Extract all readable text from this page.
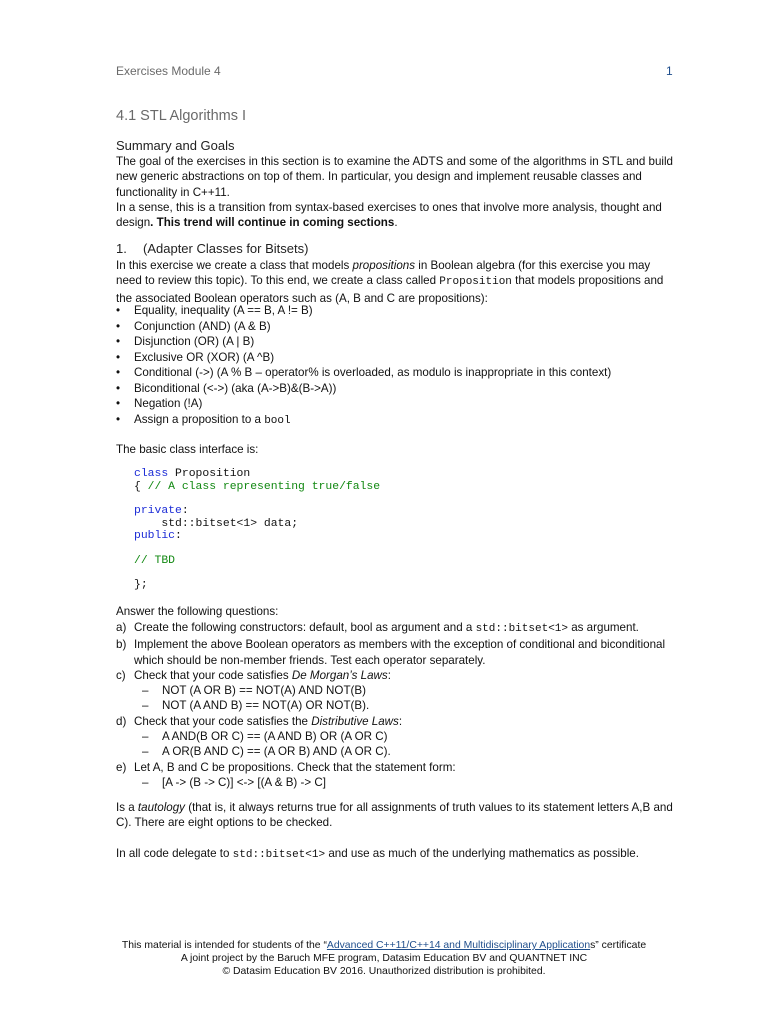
Exercises Module 4	1
4.1 STL Algorithms I
Summary and Goals
The goal of the exercises in this section is to examine the ADTS and some of the algorithms in STL and build new generic abstractions on top of them. In particular, you design and implement reusable classes and functionality in C++11.
In a sense, this is a transition from syntax-based exercises to ones that involve more analysis, thought and design. This trend will continue in coming sections.
1. (Adapter Classes for Bitsets)
In this exercise we create a class that models propositions in Boolean algebra (for this exercise you may need to review this topic). To this end, we create a class called Proposition that models propositions and the associated Boolean operators such as (A, B and C are propositions):
• Equality, inequality (A == B, A != B)
• Conjunction (AND) (A & B)
• Disjunction (OR) (A | B)
• Exclusive OR (XOR) (A ^B)
• Conditional (->) (A % B – operator% is overloaded, as modulo is inappropriate in this context)
• Biconditional (<->) (aka (A->B)&(B->A))
• Negation (!A)
• Assign a proposition to a bool
The basic class interface is:
class Proposition
{ // A class representing true/false
private:
std::bitset<1> data;
public:
// TBD
};
Answer the following questions:
a) Create the following constructors: default, bool as argument and a std::bitset<1> as argument.
b) Implement the above Boolean operators as members with the exception of conditional and biconditional which should be non-member friends. Test each operator separately.
c) Check that your code satisfies De Morgan’s Laws:
– NOT (A OR B) == NOT(A) AND NOT(B)
– NOT (A AND B) == NOT(A) OR NOT(B).
d) Check that your code satisfies the Distributive Laws:
– A AND(B OR C) == (A AND B) OR (A OR C)
– A OR(B AND C) == (A OR B) AND (A OR C).
e) Let A, B and C be propositions. Check that the statement form:
– [A -> (B -> C)] <-> [(A & B) -> C]
Is a tautology (that is, it always returns true for all assignments of truth values to its statement letters A,B and C). There are eight options to be checked.
In all code delegate to std::bitset<1> and use as much of the underlying mathematics as possible.
This material is intended for students of the “Advanced C++11/C++14 and Multidisciplinary Applications” certificate
A joint project by the Baruch MFE program, Datasim Education BV and QUANTNET INC
© Datasim Education BV 2016. Unauthorized distribution is prohibited.
